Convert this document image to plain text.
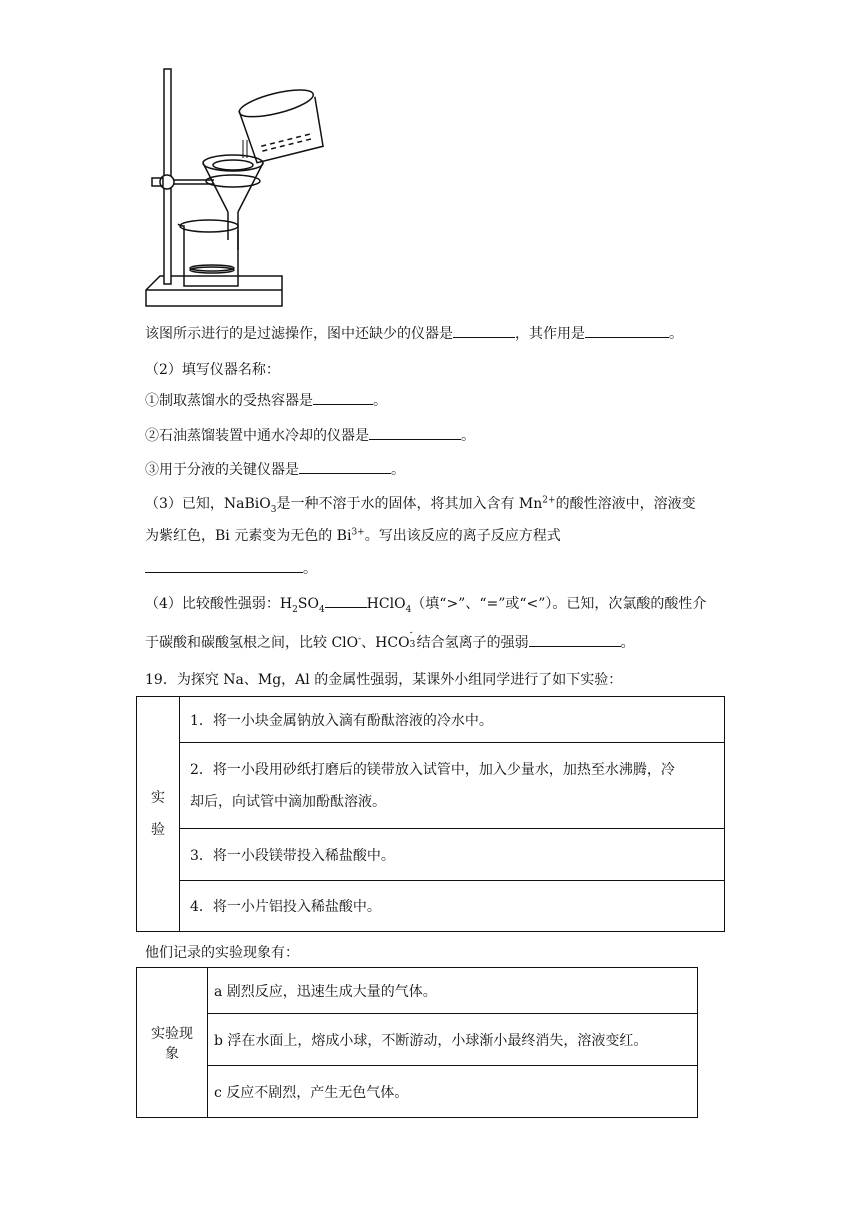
该图所示进行的是过滤操作，图中还缺少的仪器是	，其作用是	。
（2）填写仪器名称：
①制取蒸馏水的受热容器是	。
②石油蒸馏装置中通水冷却的仪器是	。
③用于分液的关键仪器是	。
（3）已知，NaBiO$_3$是一种不溶于水的固体，将其加入含有 $Mn^{2+}$的酸性溶液中，溶液变
为紫红色，Bi 元素变为无色的 $Bi^{3+}$。写出该反应的离子反应方程式
。
（4）比较酸性强弱：$H_2SO_4$	HClO$_4$（填“>”、“=”或“<”）。已知，次氯酸的酸性介
于碳酸和碳酸氢根之间，比较 ClO-、HCO 3
-
结合氢离子的强弱	。
19．为探究 Na、Mg，Al 的金属性强弱，某课外小组同学进行了如下实验：
实
验
	1．将一小块金属钠放入滴有酚酞溶液的冷水中。

2．将一小段用砂纸打磨后的镁带放入试管中，加入少量水，加热至水沸腾，冷
却后，向试管中滴加酚酞溶液。

3．将一小段镁带投入稀盐酸中。
4．将一小片铝投入稀盐酸中。
他们记录的实验现象有：
实验现象	a 剧烈反应，迅速生成大量的气体。
b 浮在水面上，熔成小球，不断游动，小球渐小最终消失，溶液变红。
c 反应不剧烈，产生无色气体。
